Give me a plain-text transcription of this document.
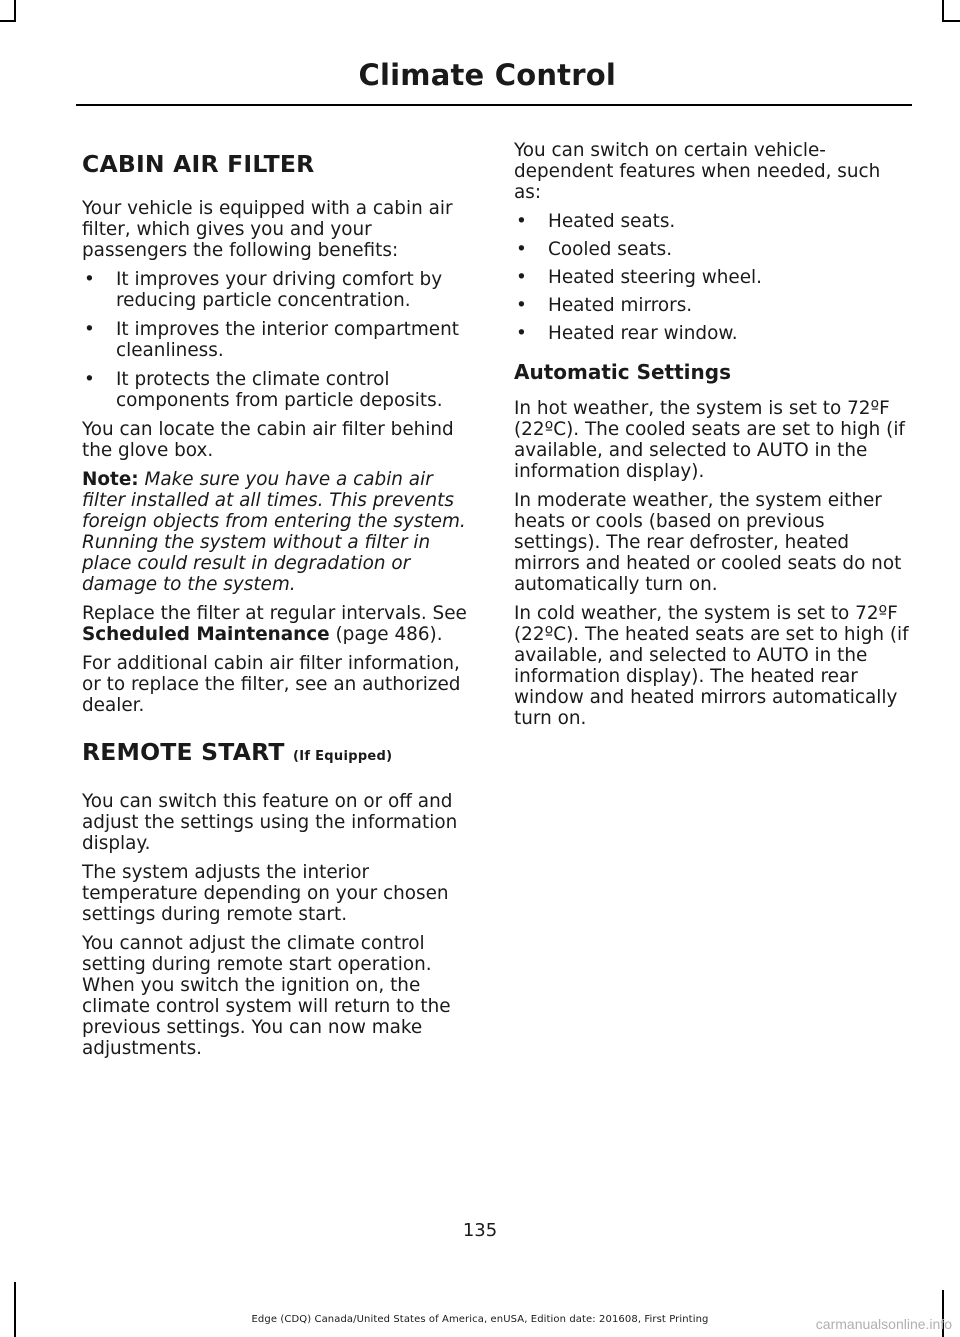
Climate Control
CABIN AIR FILTER

Your vehicle is equipped with a cabin air filter, which gives you and your passengers the following benefits:

• It improves your driving comfort by reducing particle concentration.
• It improves the interior compartment cleanliness.
• It protects the climate control components from particle deposits.

You can locate the cabin air filter behind the glove box.

Note: Make sure you have a cabin air filter installed at all times. This prevents foreign objects from entering the system. Running the system without a filter in place could result in degradation or damage to the system.

Replace the filter at regular intervals. See Scheduled Maintenance (page 486).

For additional cabin air filter information, or to replace the filter, see an authorized dealer.

REMOTE START (If Equipped)

You can switch this feature on or off and adjust the settings using the information display.

The system adjusts the interior temperature depending on your chosen settings during remote start.

You cannot adjust the climate control setting during remote start operation. When you switch the ignition on, the climate control system will return to the previous settings. You can now make adjustments.

You can switch on certain vehicle-dependent features when needed, such as:

• Heated seats.
• Cooled seats.
• Heated steering wheel.
• Heated mirrors.
• Heated rear window.
Automatic Settings

In hot weather, the system is set to 72ºF (22ºC). The cooled seats are set to high (if available, and selected to AUTO in the information display).

In moderate weather, the system either heats or cools (based on previous settings). The rear defroster, heated mirrors and heated or cooled seats do not automatically turn on.

In cold weather, the system is set to 72ºF (22ºC). The heated seats are set to high (if available, and selected to AUTO in the information display). The heated rear window and heated mirrors automatically turn on.

135
Edge (CDQ) Canada/United States of America, enUSA, Edition date: 201608, First Printing	carmanualsonline.info
